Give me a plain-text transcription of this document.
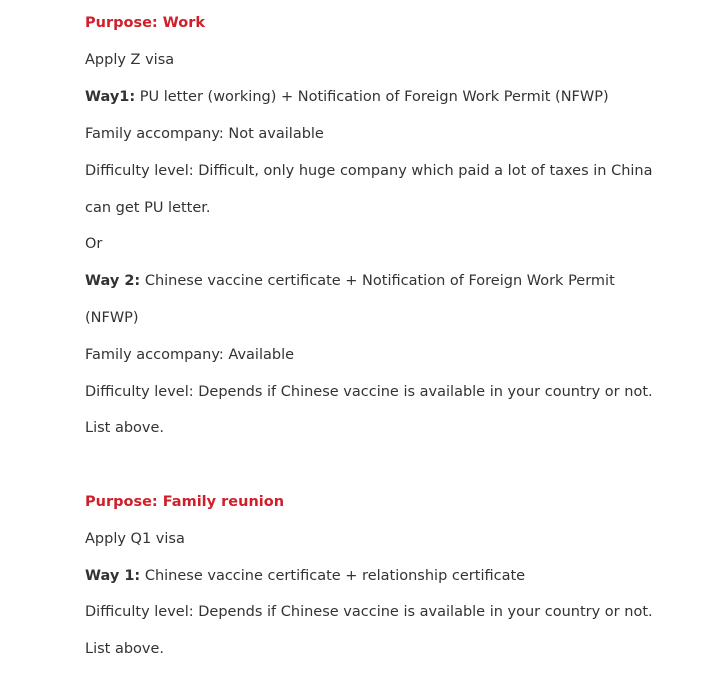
Purpose: Work
Apply Z visa
Way1: PU letter (working) + Notification of Foreign Work Permit (NFWP)
Family accompany: Not available
Difficulty level: Difficult, only huge company which paid a lot of taxes in China
can get PU letter.
Or
Way 2: Chinese vaccine certificate + Notification of Foreign Work Permit
(NFWP)
Family accompany: Available
Difficulty level: Depends if Chinese vaccine is available in your country or not.
List above.
Purpose: Family reunion
Apply Q1 visa
Way 1: Chinese vaccine certificate + relationship certificate
Difficulty level: Depends if Chinese vaccine is available in your country or not.
List above.
